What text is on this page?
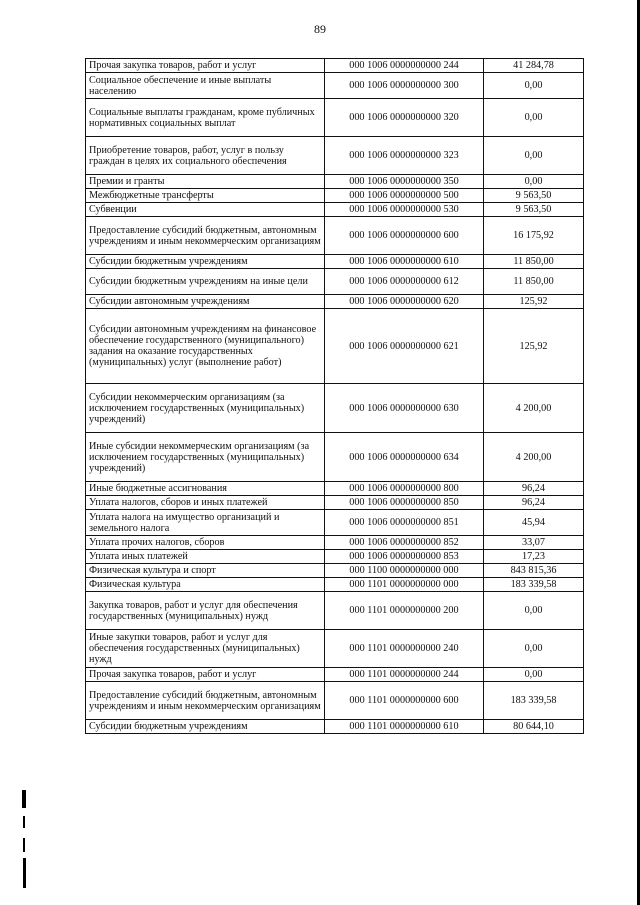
89
Прочая закупка товаров, работ и услуг	000 1006 0000000000 244	41 284,78
Социальное обеспечение и иные выплаты населению	000 1006 0000000000 300	0,00
Социальные выплаты гражданам, кроме публичных нормативных социальных выплат	000 1006 0000000000 320	0,00
Приобретение товаров, работ, услуг в пользу граждан в целях их социального обеспечения	000 1006 0000000000 323	0,00
Премии и гранты	000 1006 0000000000 350	0,00
Межбюджетные трансферты	000 1006 0000000000 500	9 563,50
Субвенции	000 1006 0000000000 530	9 563,50
Предоставление субсидий бюджетным, автономным учреждениям и иным некоммерческим организациям	000 1006 0000000000 600	16 175,92
Субсидии бюджетным учреждениям	000 1006 0000000000 610	11 850,00
Субсидии бюджетным учреждениям на иные цели	000 1006 0000000000 612	11 850,00
Субсидии автономным учреждениям	000 1006 0000000000 620	125,92
Субсидии автономным учреждениям на финансовое обеспечение государственного (муниципального) задания на оказание государственных (муниципальных) услуг (выполнение работ)	000 1006 0000000000 621	125,92
Субсидии некоммерческим организациям (за исключением государственных (муниципальных) учреждений)	000 1006 0000000000 630	4 200,00
Иные субсидии некоммерческим организациям (за исключением государственных (муниципальных) учреждений)	000 1006 0000000000 634	4 200,00
Иные бюджетные ассигнования	000 1006 0000000000 800	96,24
Уплата налогов, сборов и иных платежей	000 1006 0000000000 850	96,24
Уплата налога на имущество организаций и земельного налога	000 1006 0000000000 851	45,94
Уплата прочих налогов, сборов	000 1006 0000000000 852	33,07
Уплата иных платежей	000 1006 0000000000 853	17,23
Физическая культура и спорт	000 1100 0000000000 000	843 815,36
Физическая культура	000 1101 0000000000 000	183 339,58
Закупка товаров, работ и услуг для обеспечения государственных (муниципальных) нужд	000 1101 0000000000 200	0,00
Иные закупки товаров, работ и услуг для обеспечения государственных (муниципальных) нужд	000 1101 0000000000 240	0,00
Прочая закупка товаров, работ и услуг	000 1101 0000000000 244	0,00
Предоставление субсидий бюджетным, автономным учреждениям и иным некоммерческим организациям	000 1101 0000000000 600	183 339,58
Субсидии бюджетным учреждениям	000 1101 0000000000 610	80 644,10
